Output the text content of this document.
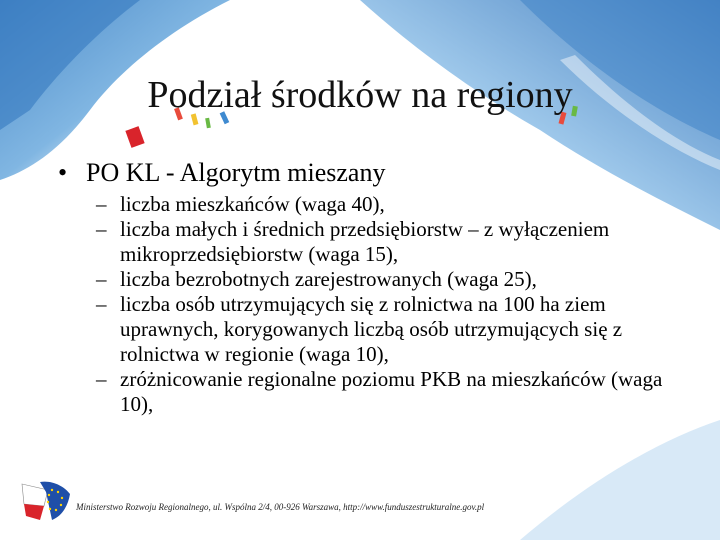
Podział środków na regiony
• PO KL - Algorytm mieszany
– liczba mieszkańców (waga 40),
– liczba małych i średnich przedsiębiorstw – z wyłączeniem mikroprzedsiębiorstw (waga 15),
– liczba bezrobotnych zarejestrowanych (waga 25),
– liczba osób utrzymujących się z rolnictwa na 100 ha ziem uprawnych, korygowanych liczbą osób utrzymujących się z rolnictwa w regionie (waga 10),
– zróżnicowanie regionalne poziomu PKB na mieszkańców (waga 10),
Ministerstwo Rozwoju Regionalnego, ul. Wspólna 2/4, 00-926 Warszawa, http://www.funduszestrukturalne.gov.pl
